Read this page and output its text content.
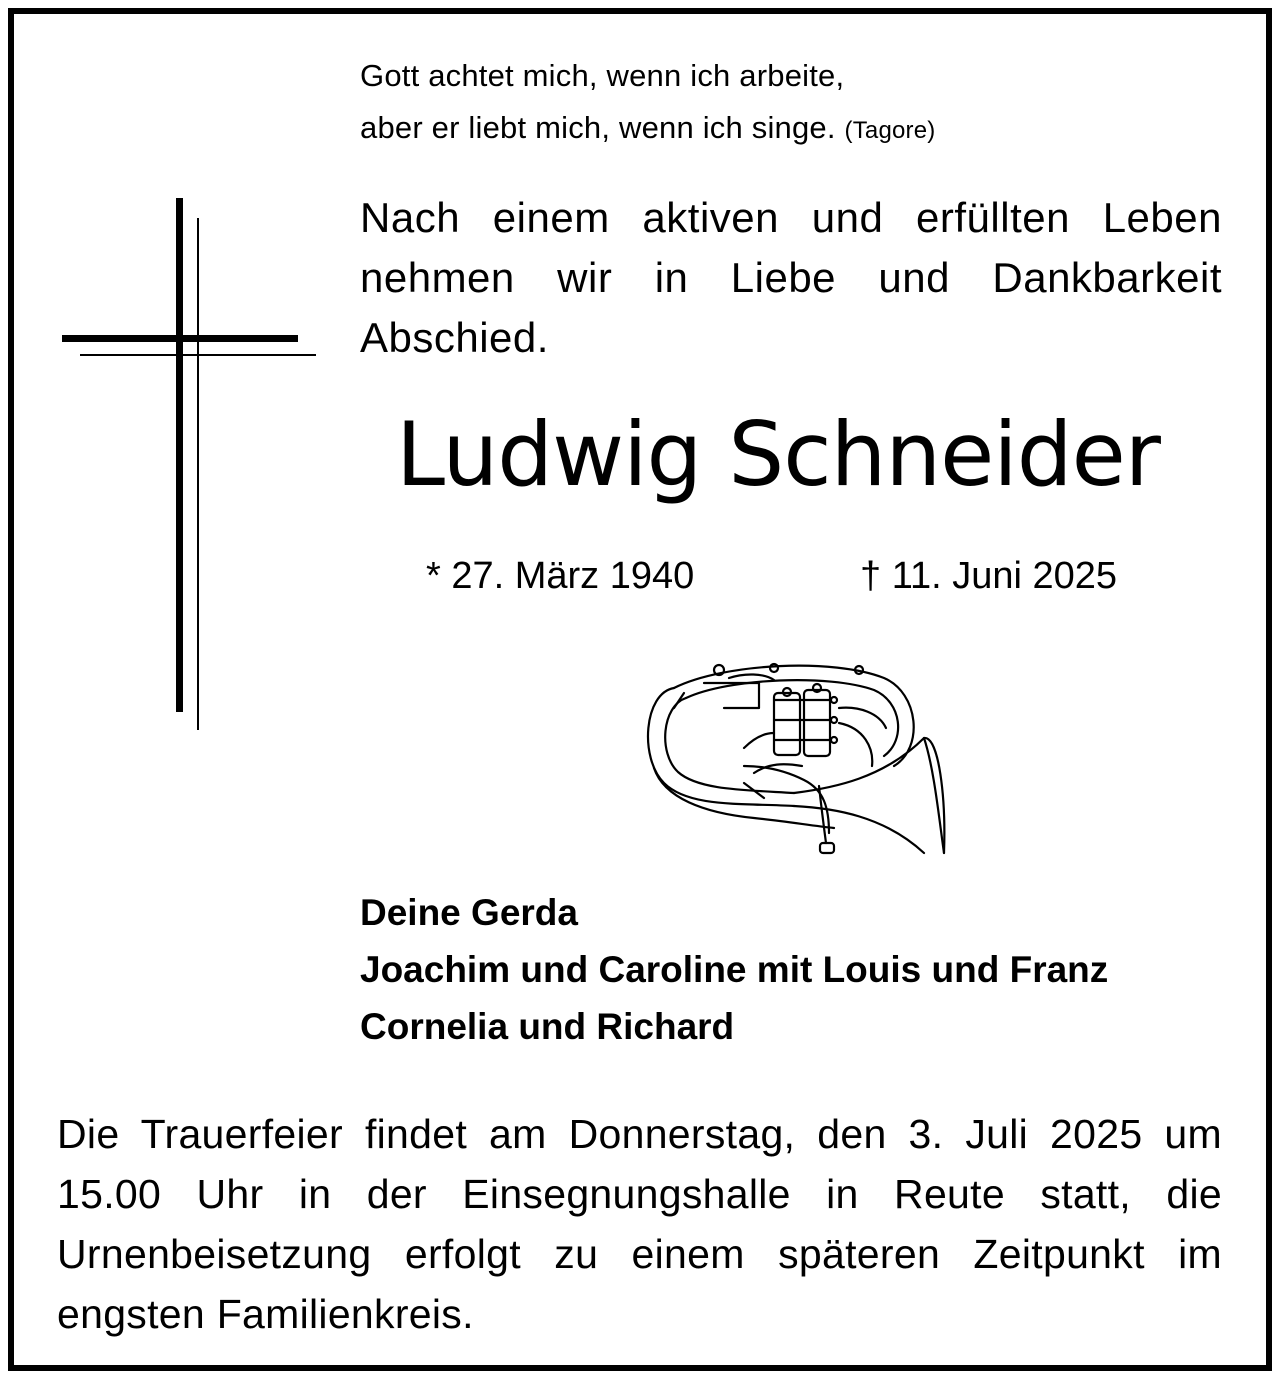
Gott achtet mich, wenn ich arbeite,
aber er liebt mich, wenn ich singe. (Tagore)
Nach einem aktiven und erfüllten Leben nehmen wir in Liebe und Dankbarkeit Abschied.
Ludwig Schneider
* 27. März 1940	† 11. Juni 2025
Deine Gerda
Joachim und Caroline mit Louis und Franz
Cornelia und Richard
Die Trauerfeier findet am Donnerstag, den 3. Juli 2025 um 15.00 Uhr in der Einsegnungshalle in Reute statt, die Urnenbeisetzung erfolgt zu einem späteren Zeitpunkt im engsten Familienkreis.
